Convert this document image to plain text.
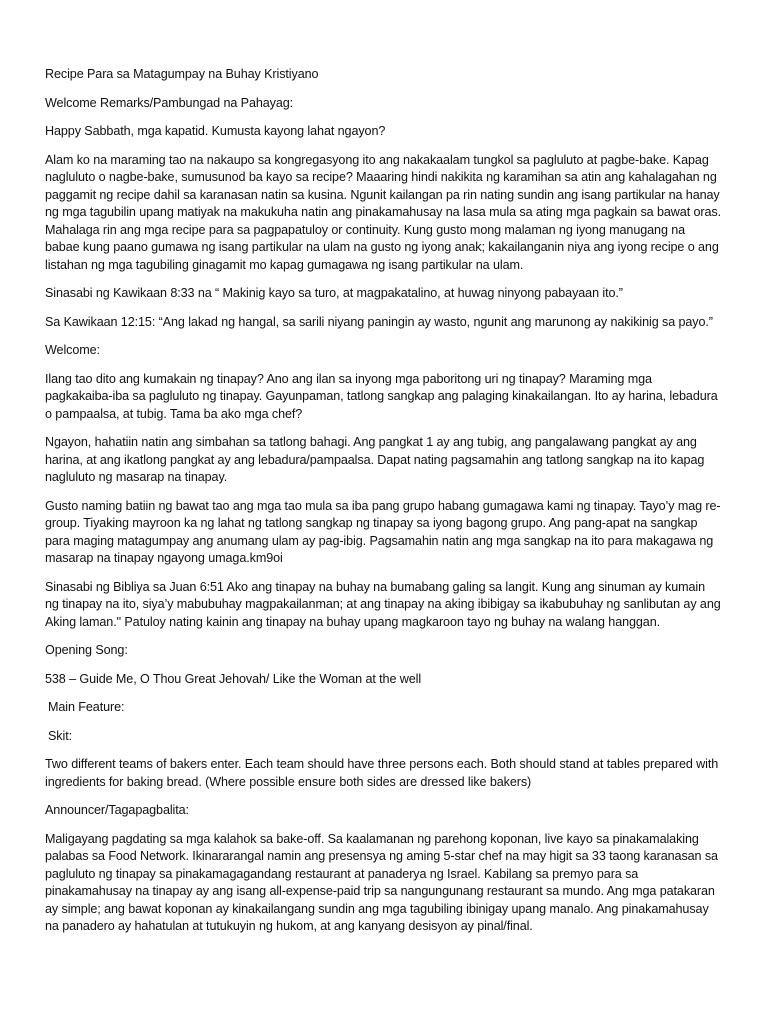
Recipe Para sa Matagumpay na Buhay Kristiyano

Welcome Remarks/Pambungad na Pahayag:

Happy Sabbath, mga kapatid. Kumusta kayong lahat ngayon?

Alam ko na maraming tao na nakaupo sa kongregasyong ito ang nakakaalam tungkol sa pagluluto at pagbe-bake. Kapag nagluluto o nagbe-bake, sumusunod ba kayo sa recipe? Maaaring hindi nakikita ng karamihan sa atin ang kahalagahan ng paggamit ng recipe dahil sa karanasan natin sa kusina. Ngunit kailangan pa rin nating sundin ang isang partikular na hanay ng mga tagubilin upang matiyak na makukuha natin ang pinakamahusay na lasa mula sa ating mga pagkain sa bawat oras. Mahalaga rin ang mga recipe para sa pagpapatuloy or continuity. Kung gusto mong malaman ng iyong manugang na babae kung paano gumawa ng isang partikular na ulam na gusto ng iyong anak; kakailanganin niya ang iyong recipe o ang listahan ng mga tagubiling ginagamit mo kapag gumagawa ng isang partikular na ulam.

Sinasabi ng Kawikaan 8:33 na “ Makinig kayo sa turo, at magpakatalino, at huwag ninyong pabayaan ito.”

Sa Kawikaan 12:15: “Ang lakad ng hangal, sa sarili niyang paningin ay wasto, ngunit ang marunong ay nakikinig sa payo.”

Welcome:

Ilang tao dito ang kumakain ng tinapay? Ano ang ilan sa inyong mga paboritong uri ng tinapay? Maraming mga pagkakaiba-iba sa pagluluto ng tinapay. Gayunpaman, tatlong sangkap ang palaging kinakailangan. Ito ay harina, lebadura o pampaalsa, at tubig. Tama ba ako mga chef?

Ngayon, hahatiin natin ang simbahan sa tatlong bahagi. Ang pangkat 1 ay ang tubig, ang pangalawang pangkat ay ang harina, at ang ikatlong pangkat ay ang lebadura/pampaalsa. Dapat nating pagsamahin ang tatlong sangkap na ito kapag nagluluto ng masarap na tinapay.

Gusto naming batiin ng bawat tao ang mga tao mula sa iba pang grupo habang gumagawa kami ng tinapay. Tayo’y mag re-group. Tiyaking mayroon ka ng lahat ng tatlong sangkap ng tinapay sa iyong bagong grupo. Ang pang-apat na sangkap para maging matagumpay ang anumang ulam ay pag-ibig. Pagsamahin natin ang mga sangkap na ito para makagawa ng masarap na tinapay ngayong umaga.km9oi

Sinasabi ng Bibliya sa Juan 6:51 Ako ang tinapay na buhay na bumabang galing sa langit. Kung ang sinuman ay kumain ng tinapay na ito, siya’y mabubuhay magpakailanman; at ang tinapay na aking ibibigay sa ikabubuhay ng sanlibutan ay ang Aking laman." Patuloy nating kainin ang tinapay na buhay upang magkaroon tayo ng buhay na walang hanggan.

Opening Song:

538 – Guide Me, O Thou Great Jehovah/ Like the Woman at the well

Main Feature:

Skit:

Two different teams of bakers enter. Each team should have three persons each. Both should stand at tables prepared with ingredients for baking bread. (Where possible ensure both sides are dressed like bakers)

Announcer/Tagapagbalita:

Maligayang pagdating sa mga kalahok sa bake-off. Sa kaalamanan ng parehong koponan, live kayo sa pinakamalaking palabas sa Food Network. Ikinararangal namin ang presensya ng aming 5-star chef na may higit sa 33 taong karanasan sa pagluluto ng tinapay sa pinakamagagandang restaurant at panaderya ng Israel. Kabilang sa premyo para sa pinakamahusay na tinapay ay ang isang all-expense-paid trip sa nangungunang restaurant sa mundo. Ang mga patakaran ay simple; ang bawat koponan ay kinakailangang sundin ang mga tagubiling ibinigay upang manalo. Ang pinakamahusay na panadero ay hahatulan at tutukuyin ng hukom, at ang kanyang desisyon ay pinal/final.
